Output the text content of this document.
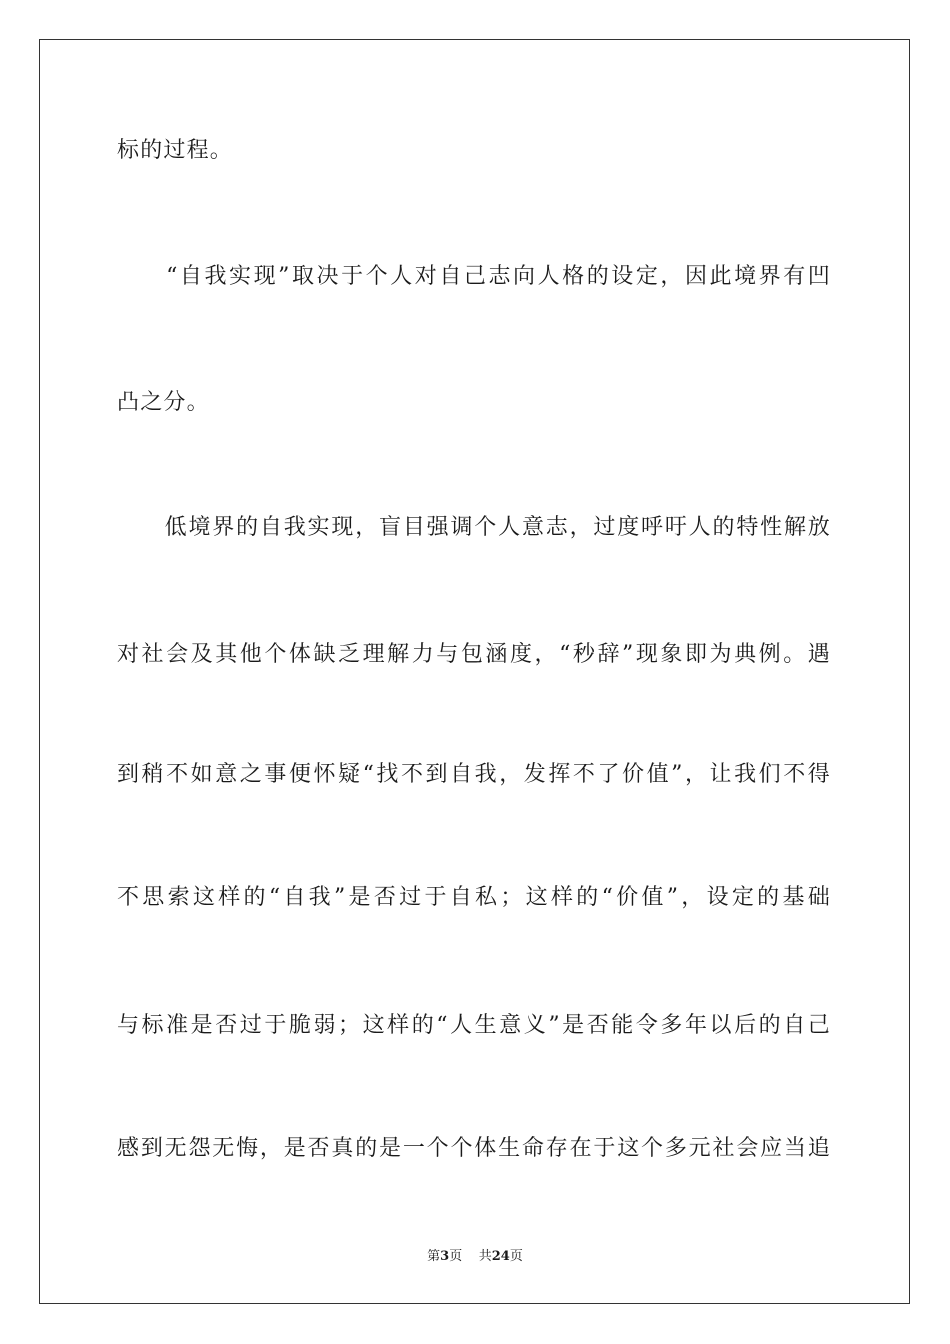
标的过程。
　　“自我实现”取决于个人对自己志向人格的设定，因此境界有凹
凸之分。
　　低境界的自我实现，盲目强调个人意志，过度呼吁人的特性解放
对社会及其他个体缺乏理解力与包涵度，“秒辞”现象即为典例。遇
到稍不如意之事便怀疑“找不到自我，发挥不了价值”，让我们不得
不思索这样的“自我”是否过于自私；这样的“价值”，设定的基础
与标准是否过于脆弱；这样的“人生意义”是否能令多年以后的自己
感到无怨无悔，是否真的是一个个体生命存在于这个多元社会应当追
第3页 共24页
